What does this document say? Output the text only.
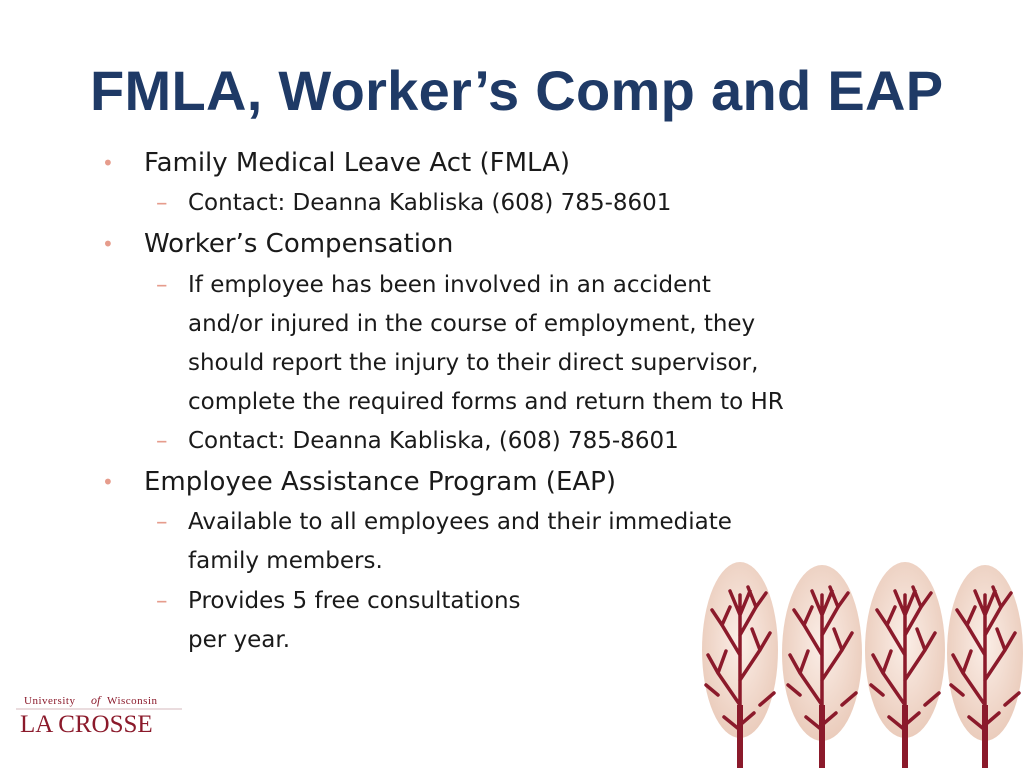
FMLA, Worker’s Comp and EAP
• Family Medical Leave Act (FMLA)
– Contact: Deanna Kabliska (608) 785-8601
• Worker’s Compensation
– If employee has been involved in an accident
and/or injured in the course of employment, they
should report the injury to their direct supervisor,
complete the required forms and return them to HR
– Contact: Deanna Kabliska, (608) 785-8601
• Employee Assistance Program (EAP)
– Available to all employees and their immediate
family members.
– Provides 5 free consultations
per year.
University of Wisconsin
LA CROSSE
